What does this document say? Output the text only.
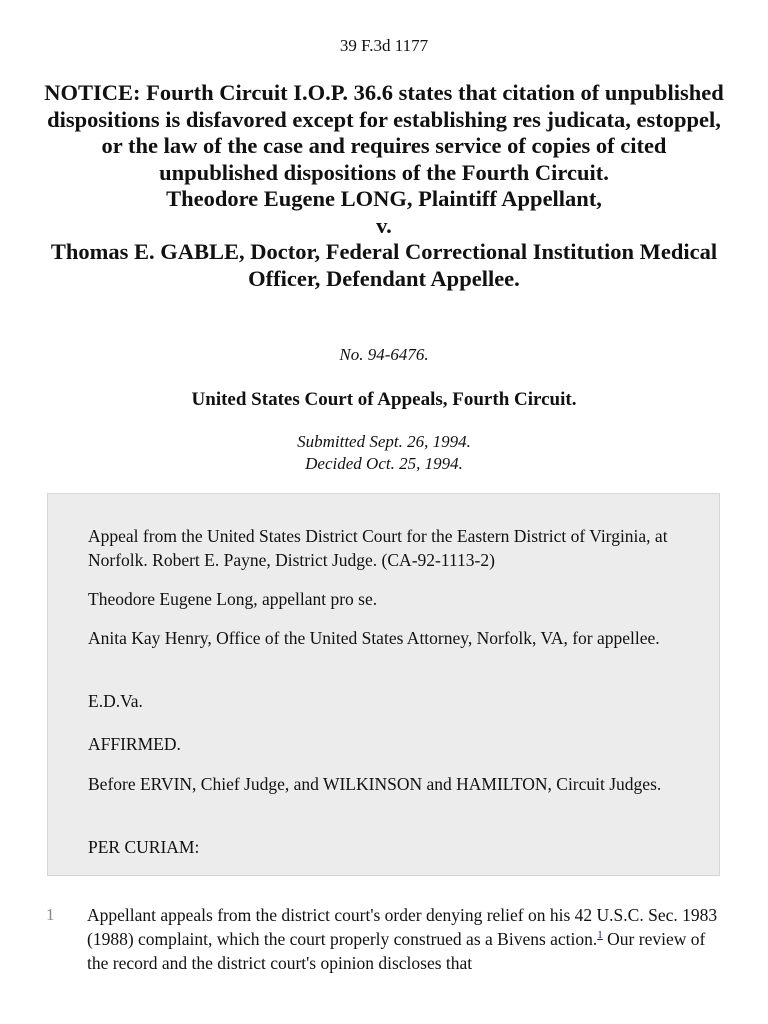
39 F.3d 1177
NOTICE: Fourth Circuit I.O.P. 36.6 states that citation of unpublished dispositions is disfavored except for establishing res judicata, estoppel, or the law of the case and requires service of copies of cited unpublished dispositions of the Fourth Circuit.
Theodore Eugene LONG, Plaintiff Appellant,
v.
Thomas E. GABLE, Doctor, Federal Correctional Institution Medical Officer, Defendant Appellee.
No. 94-6476.
United States Court of Appeals, Fourth Circuit.
Submitted Sept. 26, 1994.
Decided Oct. 25, 1994.

Appeal from the United States District Court for the Eastern District of Virginia, at Norfolk. Robert E. Payne, District Judge. (CA-92-1113-2)

Theodore Eugene Long, appellant pro se.

Anita Kay Henry, Office of the United States Attorney, Norfolk, VA, for appellee.

E.D.Va.

AFFIRMED.

Before ERVIN, Chief Judge, and WILKINSON and HAMILTON, Circuit Judges.

PER CURIAM:

1 Appellant appeals from the district court's order denying relief on his 42 U.S.C. Sec. 1983 (1988) complaint, which the court properly construed as a Bivens action.$^1$ Our review of the record and the district court's opinion discloses that
